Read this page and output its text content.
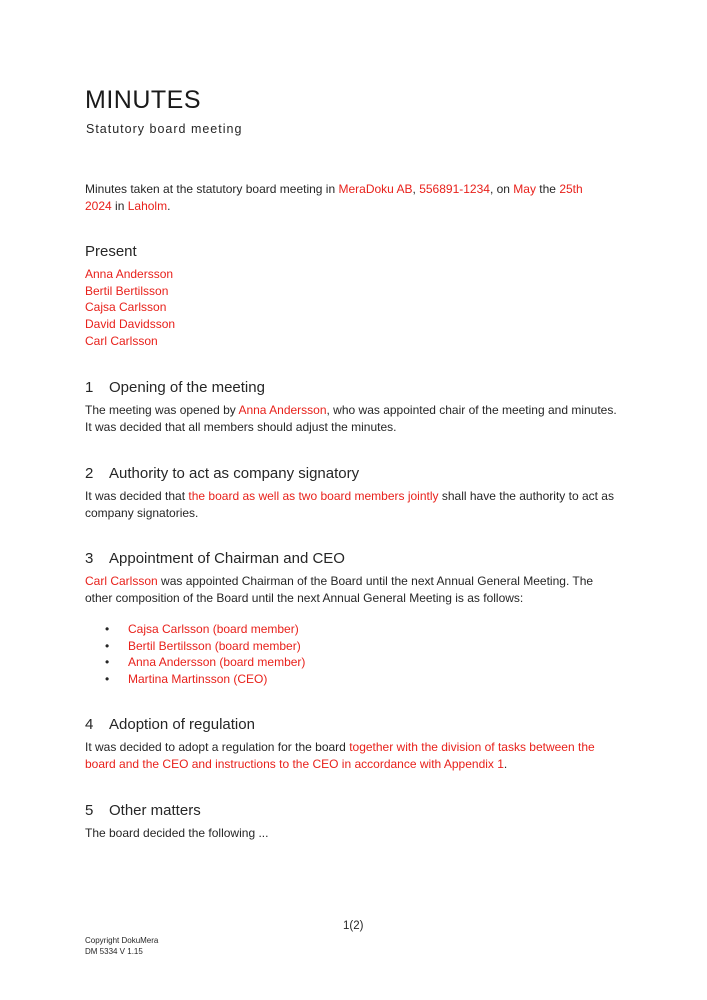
MINUTES
Statutory board meeting

Minutes taken at the statutory board meeting in MeraDoku AB, 556891-1234, on May the 25th
2024 in Laholm.

Present
Anna Andersson
Bertil Bertilsson
Cajsa Carlsson
David Davidsson
Carl Carlsson
1 Opening of the meeting

The meeting was opened by Anna Andersson, who was appointed chair of the meeting and minutes. It was decided that all members should adjust the minutes.

2 Authority to act as company signatory

It was decided that the board as well as two board members jointly shall have the authority to act as company signatories.

3 Appointment of Chairman and CEO

Carl Carlsson was appointed Chairman of the Board until the next Annual General Meeting. The other composition of the Board until the next Annual General Meeting is as follows:

• Cajsa Carlsson (board member)
• Bertil Bertilsson (board member)
• Anna Andersson (board member)
• Martina Martinsson (CEO)
4 Adoption of regulation

It was decided to adopt a regulation for the board together with the division of tasks between the board and the CEO and instructions to the CEO in accordance with Appendix 1.

5 Other matters

The board decided the following ...

1(2)
Copyright DokuMera
DM 5334 V 1.15
